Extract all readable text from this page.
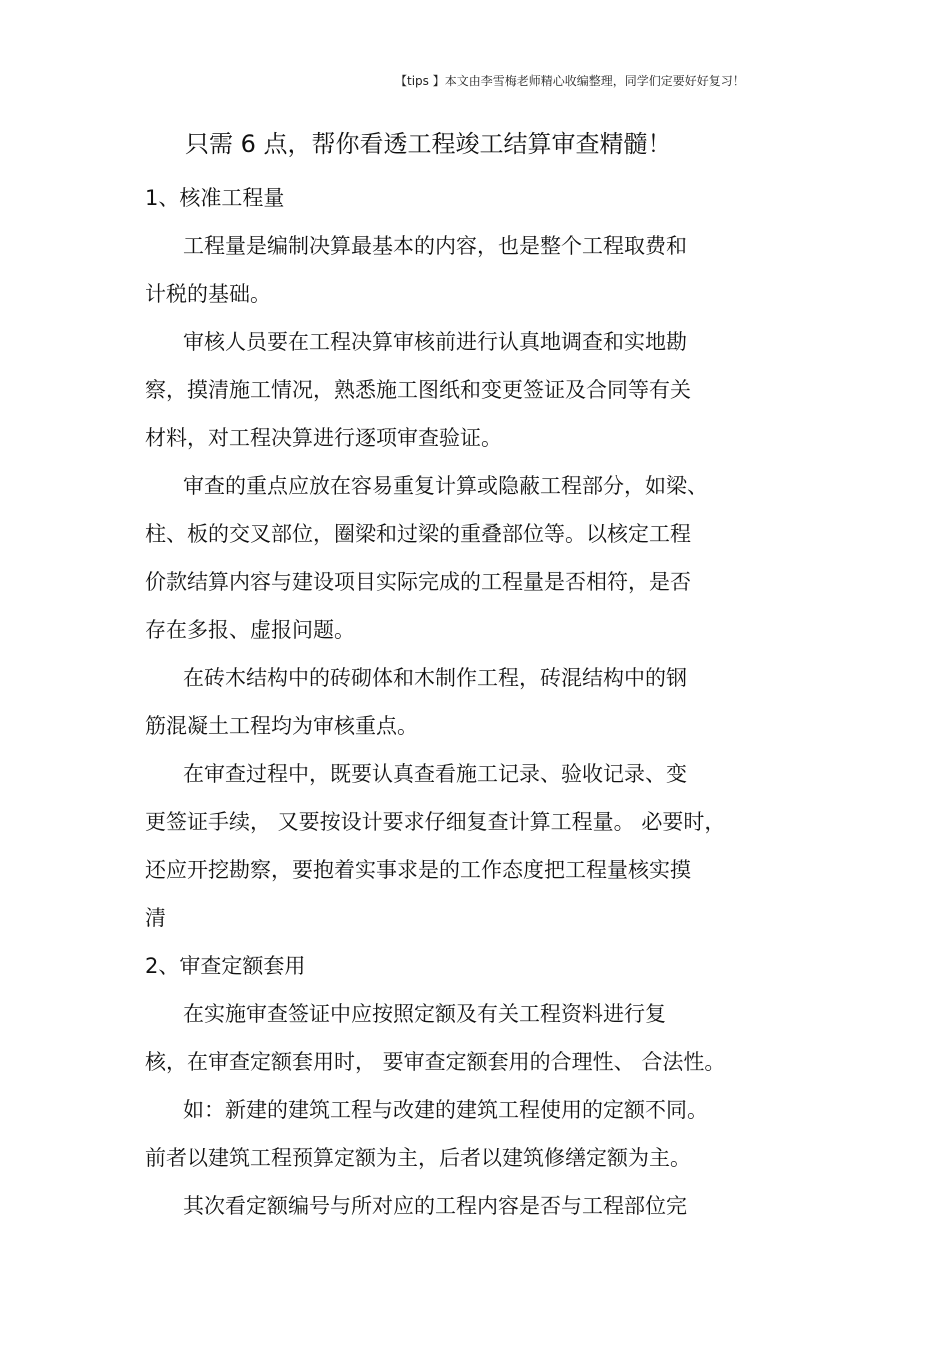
【tips 】本文由李雪梅老师精心收编整理，同学们定要好好复习！
只需 6 点，帮你看透工程竣工结算审查精髓！
1、核准工程量
工程量是编制决算最基本的内容，也是整个工程取费和
计税的基础。
审核人员要在工程决算审核前进行认真地调查和实地勘
察，摸清施工情况，熟悉施工图纸和变更签证及合同等有关
材料，对工程决算进行逐项审查验证。
审查的重点应放在容易重复计算或隐蔽工程部分，如梁、
柱、板的交叉部位，圈梁和过梁的重叠部位等。以核定工程
价款结算内容与建设项目实际完成的工程量是否相符，是否
存在多报、虚报问题。
在砖木结构中的砖砌体和木制作工程，砖混结构中的钢
筋混凝土工程均为审核重点。
在审查过程中，既要认真查看施工记录、验收记录、变
更签证手续， 又要按设计要求仔细复查计算工程量。 必要时，
还应开挖勘察，要抱着实事求是的工作态度把工程量核实摸
清
2、审查定额套用
在实施审查签证中应按照定额及有关工程资料进行复
核，在审查定额套用时， 要审查定额套用的合理性、 合法性。
如：新建的建筑工程与改建的建筑工程使用的定额不同。
前者以建筑工程预算定额为主，后者以建筑修缮定额为主。
其次看定额编号与所对应的工程内容是否与工程部位完
